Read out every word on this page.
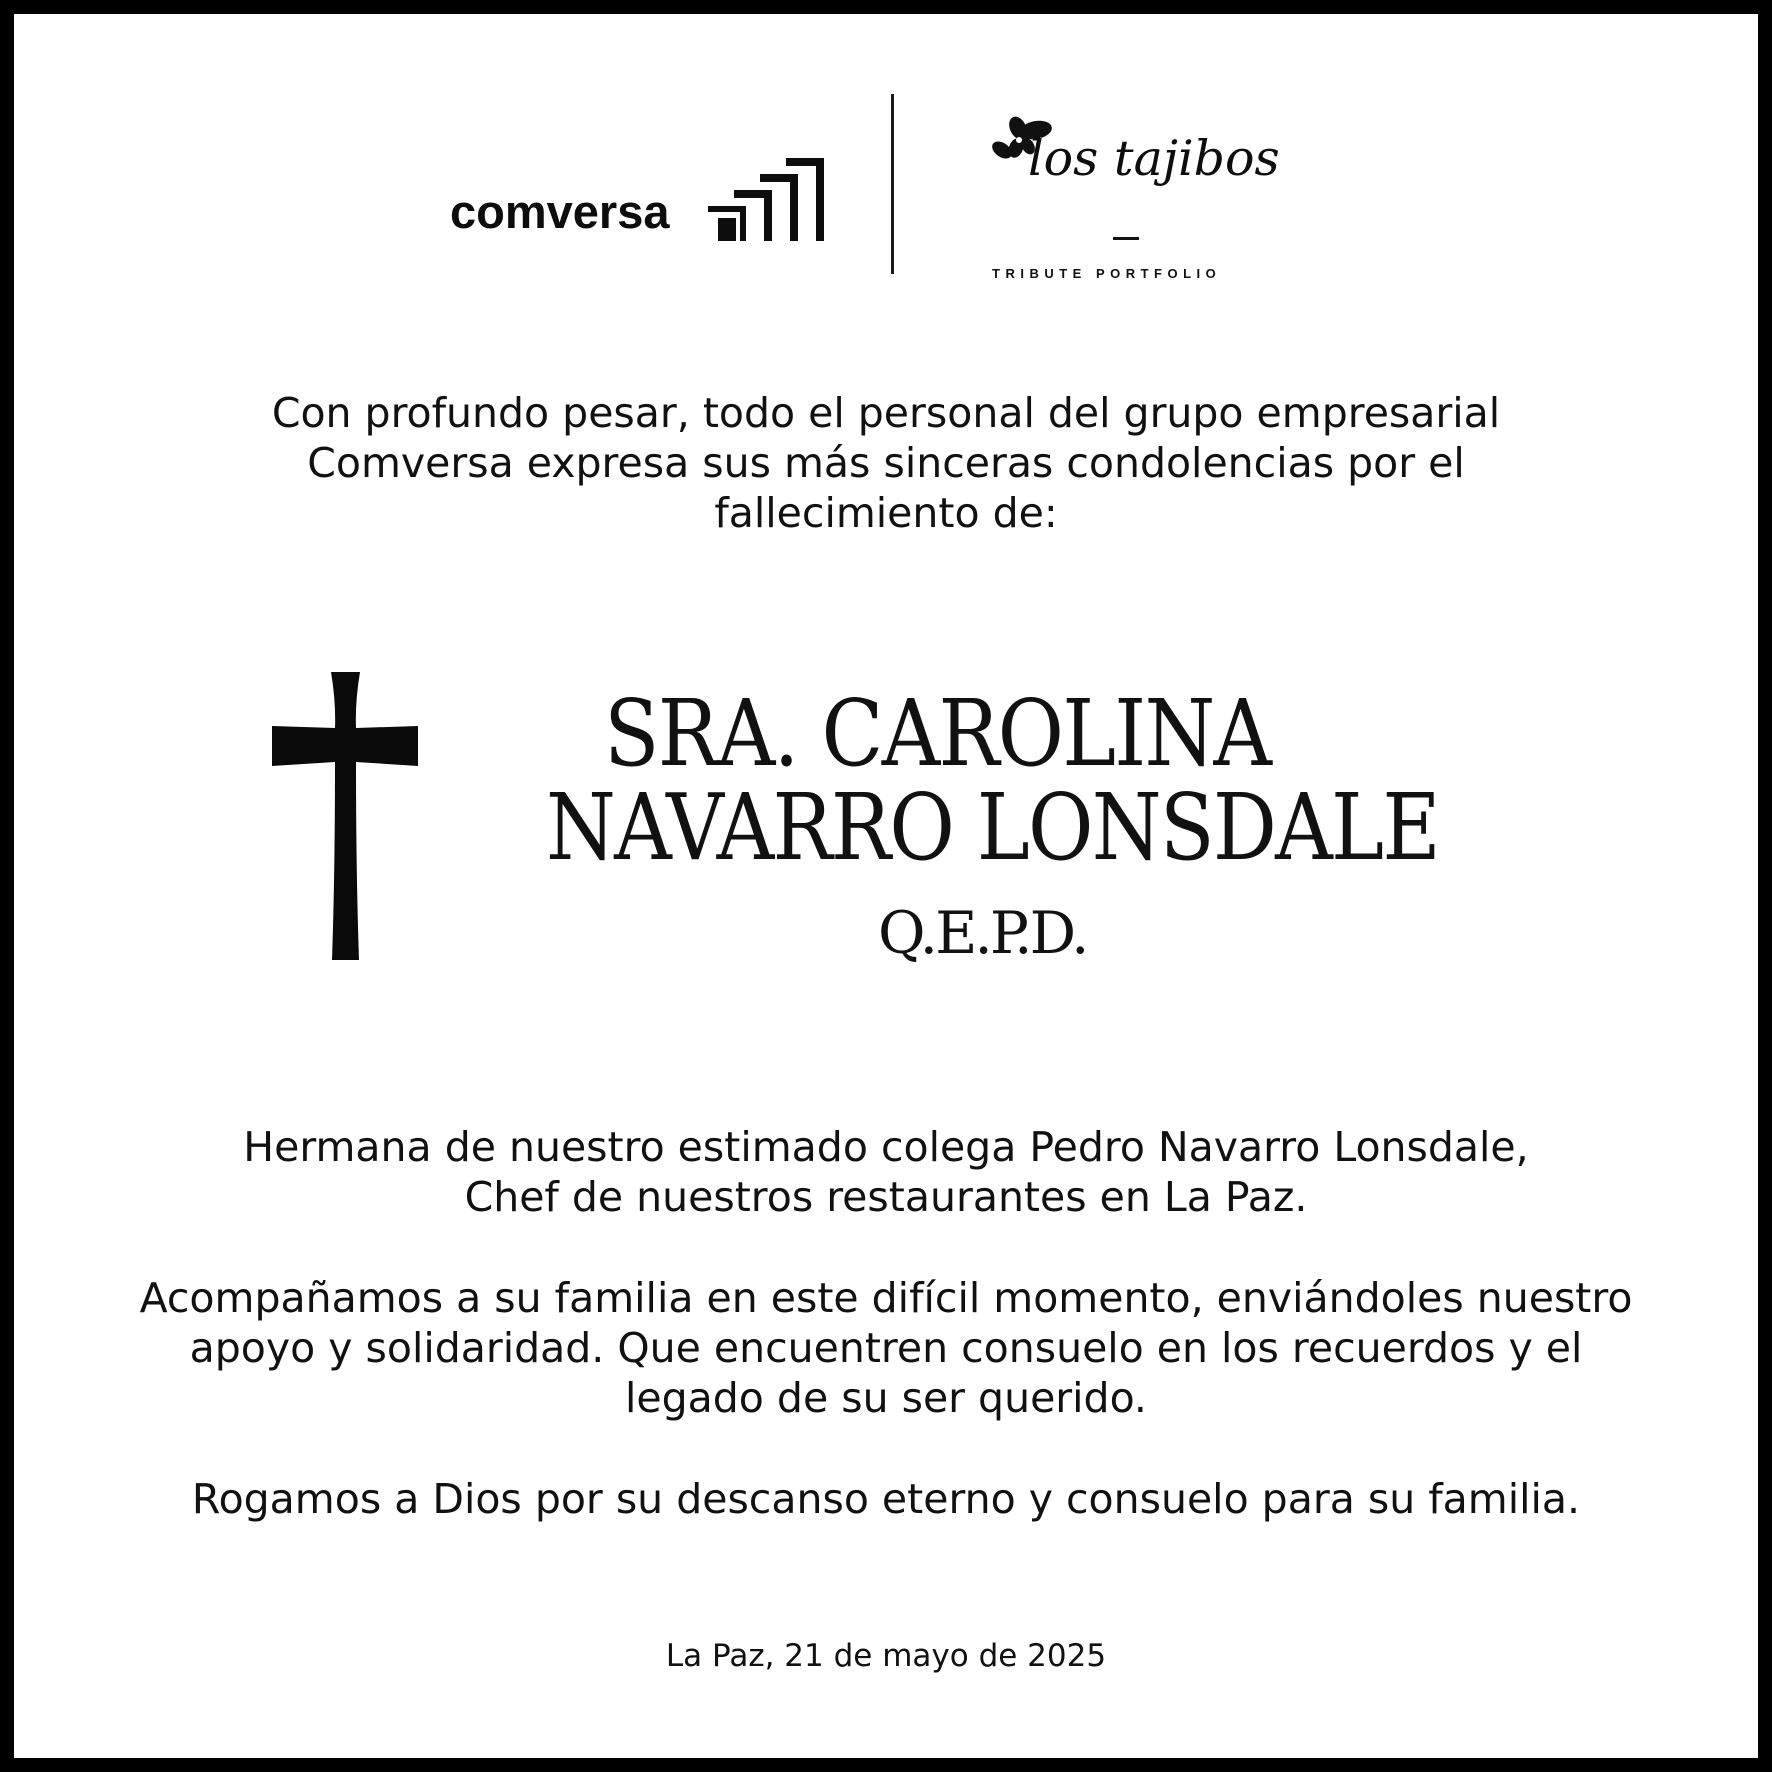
comversa
los tajibos
TRIBUTE PORTFOLIO
Con profundo pesar, todo el personal del grupo empresarial
Comversa expresa sus más sinceras condolencias por el
fallecimiento de:
SRA. CAROLINA
NAVARRO LONSDALE
Q.E.P.D.
Hermana de nuestro estimado colega Pedro Navarro Lonsdale,
Chef de nuestros restaurantes en La Paz.
Acompañamos a su familia en este difícil momento, enviándoles nuestro
apoyo y solidaridad. Que encuentren consuelo en los recuerdos y el
legado de su ser querido.
Rogamos a Dios por su descanso eterno y consuelo para su familia.
La Paz, 21 de mayo de 2025
